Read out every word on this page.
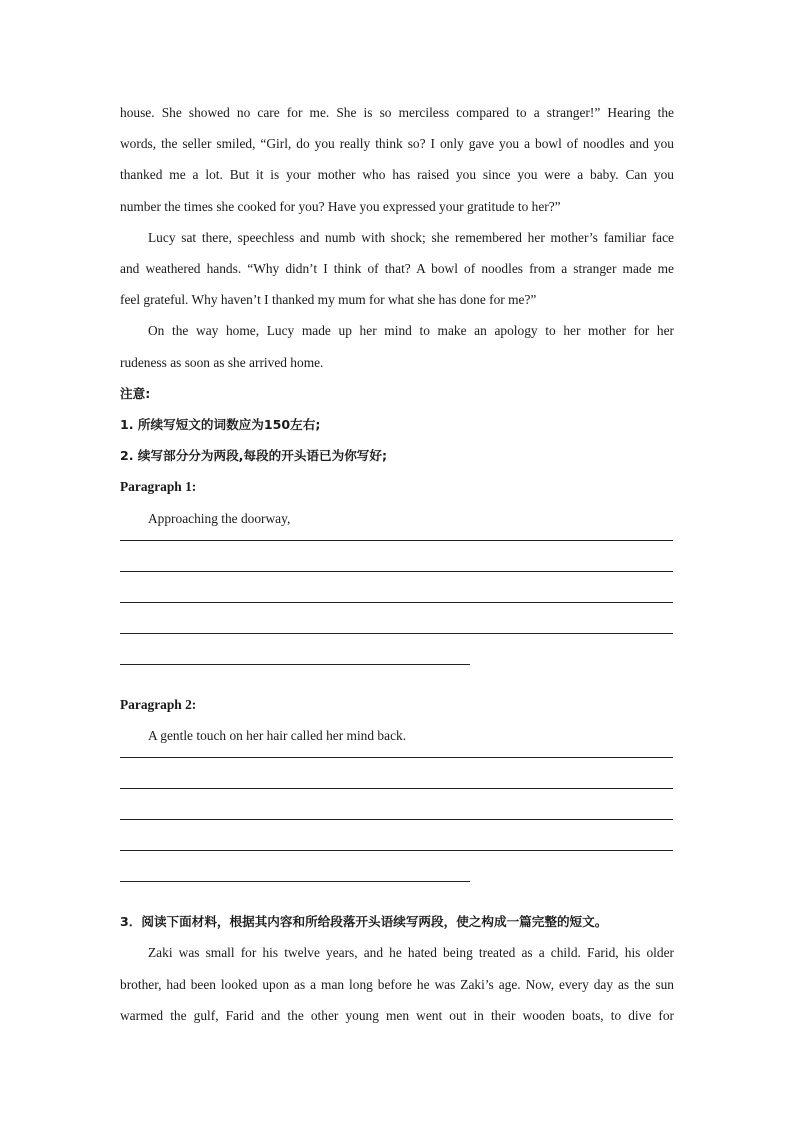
house. She showed no care for me. She is so merciless compared to a stranger!” Hearing the

words, the seller smiled, “Girl, do you really think so? I only gave you a bowl of noodles and you

thanked me a lot. But it is your mother who has raised you since you were a baby. Can you

number the times she cooked for you? Have you expressed your gratitude to her?”

Lucy sat there, speechless and numb with shock; she remembered her mother’s familiar face

and weathered hands. “Why didn’t I think of that? A bowl of noodles from a stranger made me

feel grateful. Why haven’t I thanked my mum for what she has done for me?”

On the way home, Lucy made up her mind to make an apology to her mother for her

rudeness as soon as she arrived home.

注意:

1. 所续写短文的词数应为150左右;

2. 续写部分分为两段,每段的开头语已为你写好;

Paragraph 1:

Approaching the doorway,

Paragraph 2:

A gentle touch on her hair called her mind back.

3．阅读下面材料，根据其内容和所给段落开头语续写两段，使之构成一篇完整的短文。

Zaki was small for his twelve years, and he hated being treated as a child. Farid, his older

brother, had been looked upon as a man long before he was Zaki’s age. Now, every day as the sun

warmed the gulf, Farid and the other young men went out in their wooden boats, to dive for
